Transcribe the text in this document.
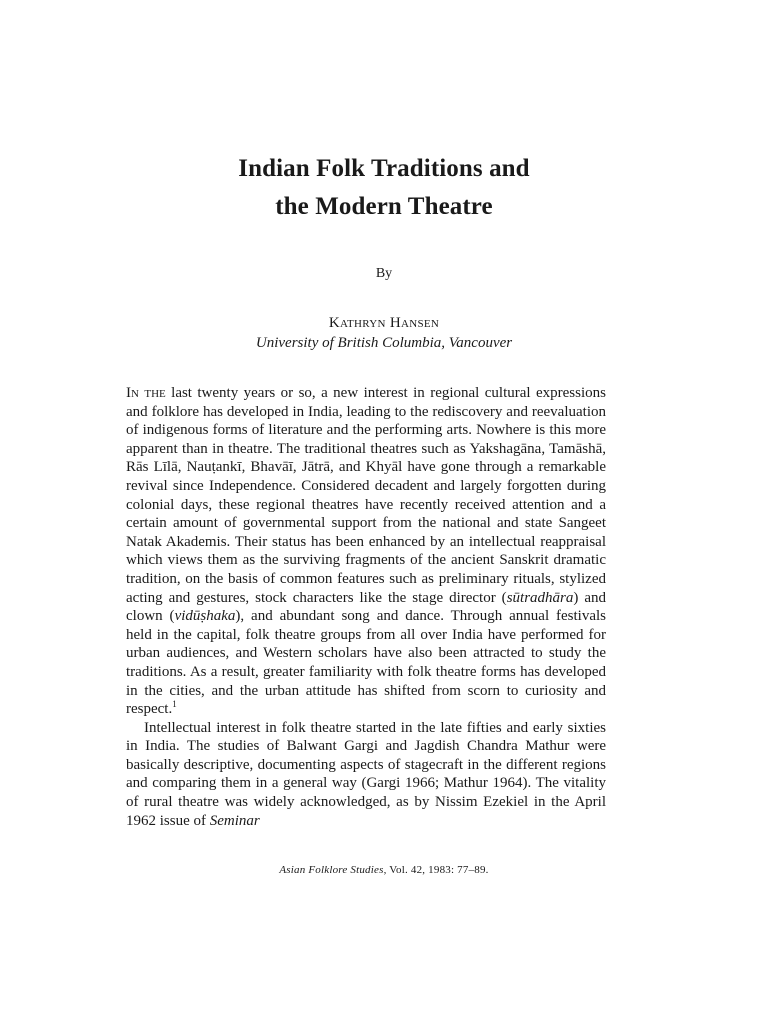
Indian Folk Traditions and
the Modern Theatre
By
Kathryn Hansen
University of British Columbia, Vancouver

In the last twenty years or so, a new interest in regional cultural expressions and folklore has developed in India, leading to the rediscovery and reevaluation of indigenous forms of literature and the performing arts. Nowhere is this more apparent than in theatre. The traditional theatres such as Yakshagāna, Tamāshā, Rās Līlā, Nauṭankī, Bhavāī, Jātrā, and Khyāl have gone through a remarkable revival since Independence. Considered decadent and largely forgotten during colonial days, these regional theatres have recently received attention and a certain amount of governmental support from the national and state Sangeet Natak Akademis. Their status has been enhanced by an intellectual reappraisal which views them as the surviving fragments of the ancient Sanskrit dramatic tradition, on the basis of common features such as preliminary rituals, stylized acting and gestures, stock characters like the stage director (sūtradhāra) and clown (vidūṣhaka), and abundant song and dance. Through annual festivals held in the capital, folk theatre groups from all over India have performed for urban audiences, and Western scholars have also been attracted to study the traditions. As a result, greater familiarity with folk theatre forms has developed in the cities, and the urban attitude has shifted from scorn to curiosity and respect.$^1$

Intellectual interest in folk theatre started in the late fifties and early sixties in India. The studies of Balwant Gargi and Jagdish Chandra Mathur were basically descriptive, documenting aspects of stagecraft in the different regions and comparing them in a general way (Gargi 1966; Mathur 1964). The vitality of rural theatre was widely acknowledged, as by Nissim Ezekiel in the April 1962 issue of Seminar

Asian Folklore Studies, Vol. 42, 1983: 77–89.
